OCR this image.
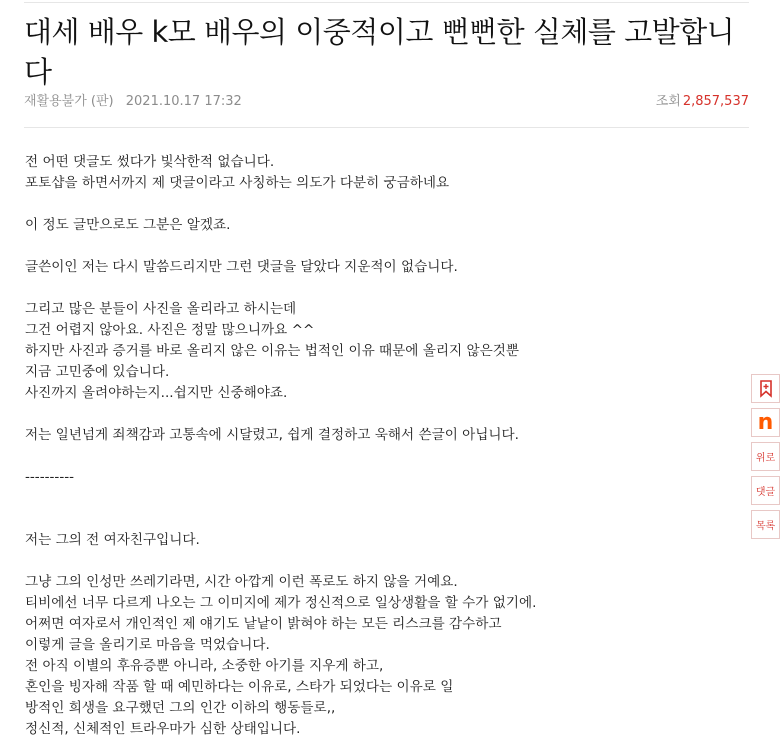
대세 배우 k모 배우의 이중적이고 뻔뻔한 실체를 고발합니다
재활용불가 (판) 2021.10.17 17:32	조회 2,857,537

전 어떤 댓글도 썼다가 빛삭한적 없습니다.

포토샵을 하면서까지 제 댓글이라고 사칭하는 의도가 다분히 궁금하네요

이 정도 글만으로도 그분은 알겠죠.

글쓴이인 저는 다시 말씀드리지만 그런 댓글을 달았다 지운적이 없습니다.

그리고 많은 분들이 사진을 올리라고 하시는데

그건 어렵지 않아요. 사진은 정말 많으니까요 ^^

하지만 사진과 증거를 바로 올리지 않은 이유는 법적인 이유 때문에 올리지 않은것뿐

지금 고민중에 있습니다.

사진까지 올려야하는지...쉽지만 신중해야죠.

저는 일년넘게 죄책감과 고통속에 시달렸고, 쉽게 결정하고 욱해서 쓴글이 아닙니다.

----------

저는 그의 전 여자친구입니다.

그냥 그의 인성만 쓰레기라면, 시간 아깝게 이런 폭로도 하지 않을 거예요.

티비에선 너무 다르게 나오는 그 이미지에 제가 정신적으로 일상생활을 할 수가 없기에.

어쩌면 여자로서 개인적인 제 얘기도 낱낱이 밝혀야 하는 모든 리스크를 감수하고

이렇게 글을 올리기로 마음을 먹었습니다.

전 아직 이별의 후유증뿐 아니라, 소중한 아기를 지우게 하고,

혼인을 빙자해 작품 할 때 예민하다는 이유로, 스타가 되었다는 이유로 일

방적인 희생을 요구했던 그의 인간 이하의 행동들로,,

정신적, 신체적인 트라우마가 심한 상태입니다.

n
위로
댓글
목록
